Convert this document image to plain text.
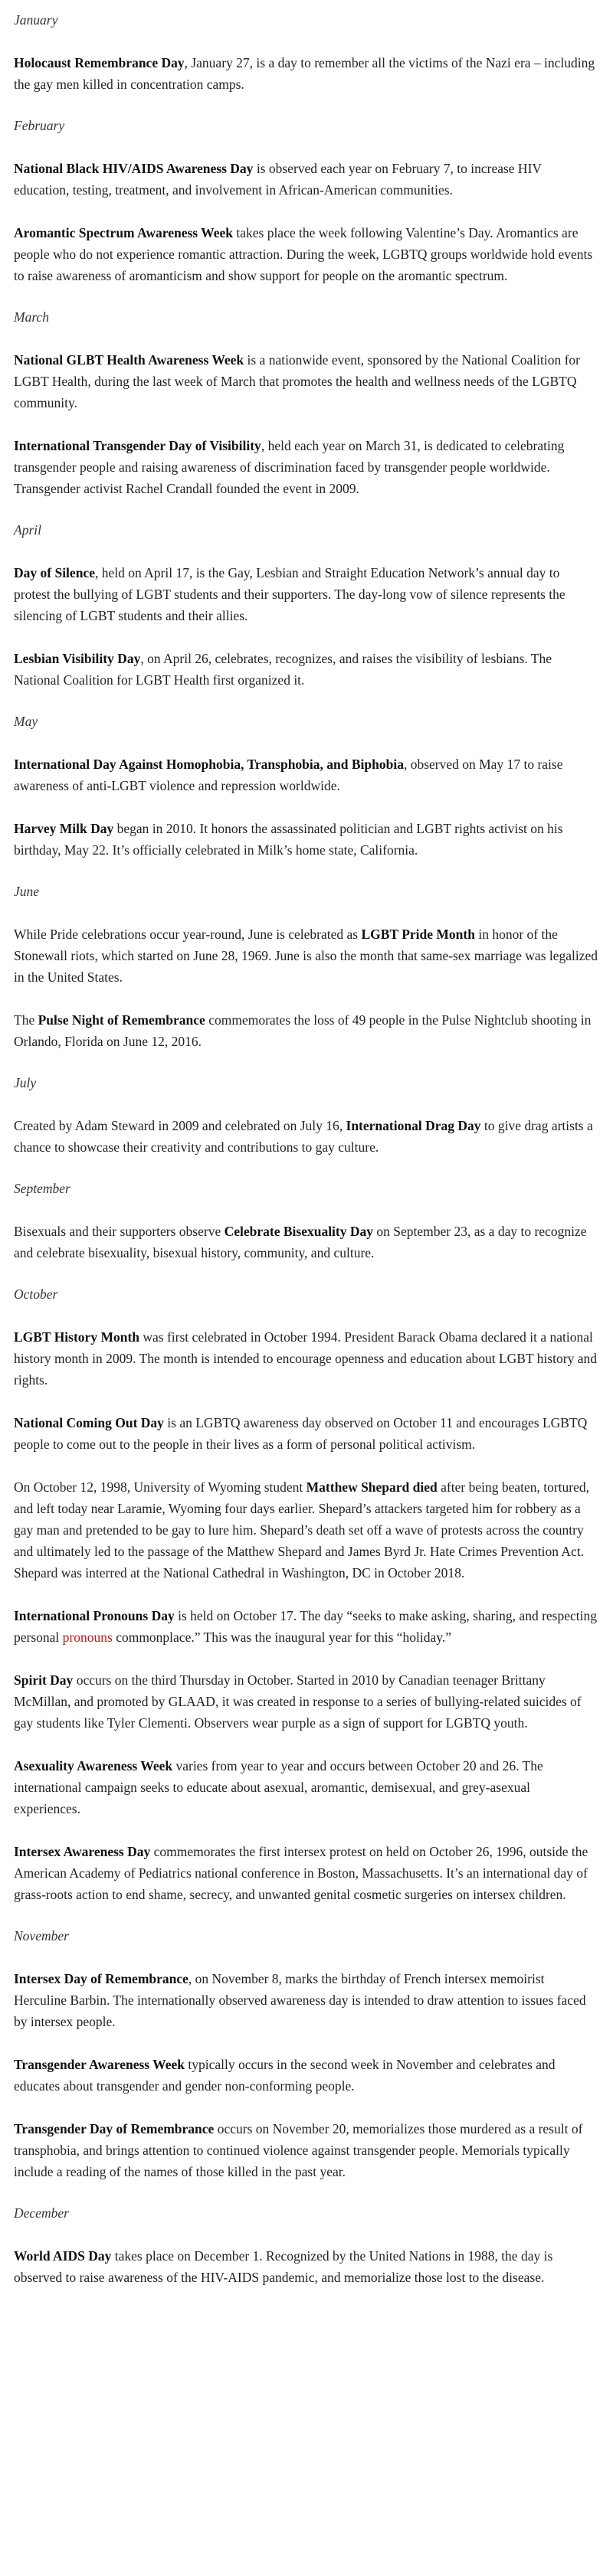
January

Holocaust Remembrance Day, January 27, is a day to remember all the victims of the Nazi era – including the gay men killed in concentration camps.

February

National Black HIV/AIDS Awareness Day is observed each year on February 7, to increase HIV education, testing, treatment, and involvement in African-American communities.

Aromantic Spectrum Awareness Week takes place the week following Valentine’s Day. Aromantics are people who do not experience romantic attraction. During the week, LGBTQ groups worldwide hold events to raise awareness of aromanticism and show support for people on the aromantic spectrum.

March

National GLBT Health Awareness Week is a nationwide event, sponsored by the National Coalition for LGBT Health, during the last week of March that promotes the health and wellness needs of the LGBTQ community.

International Transgender Day of Visibility, held each year on March 31, is dedicated to celebrating transgender people and raising awareness of discrimination faced by transgender people worldwide. Transgender activist Rachel Crandall founded the event in 2009.

April

Day of Silence, held on April 17, is the Gay, Lesbian and Straight Education Network’s annual day to protest the bullying of LGBT students and their supporters. The day-long vow of silence represents the silencing of LGBT students and their allies.

Lesbian Visibility Day, on April 26, celebrates, recognizes, and raises the visibility of lesbians. The National Coalition for LGBT Health first organized it.

May

International Day Against Homophobia, Transphobia, and Biphobia, observed on May 17 to raise awareness of anti-LGBT violence and repression worldwide.

Harvey Milk Day began in 2010. It honors the assassinated politician and LGBT rights activist on his birthday, May 22. It’s officially celebrated in Milk’s home state, California.

June

While Pride celebrations occur year-round, June is celebrated as LGBT Pride Month in honor of the Stonewall riots, which started on June 28, 1969. June is also the month that same-sex marriage was legalized in the United States.

The Pulse Night of Remembrance commemorates the loss of 49 people in the Pulse Nightclub shooting in Orlando, Florida on June 12, 2016.

July

Created by Adam Steward in 2009 and celebrated on July 16, International Drag Day to give drag artists a chance to showcase their creativity and contributions to gay culture.

September

Bisexuals and their supporters observe Celebrate Bisexuality Day on September 23, as a day to recognize and celebrate bisexuality, bisexual history, community, and culture.

October

LGBT History Month was first celebrated in October 1994. President Barack Obama declared it a national history month in 2009. The month is intended to encourage openness and education about LGBT history and rights.

National Coming Out Day is an LGBTQ awareness day observed on October 11 and encourages LGBTQ people to come out to the people in their lives as a form of personal political activism.

On October 12, 1998, University of Wyoming student Matthew Shepard died after being beaten, tortured, and left today near Laramie, Wyoming four days earlier. Shepard’s attackers targeted him for robbery as a gay man and pretended to be gay to lure him. Shepard’s death set off a wave of protests across the country and ultimately led to the passage of the Matthew Shepard and James Byrd Jr. Hate Crimes Prevention Act. Shepard was interred at the National Cathedral in Washington, DC in October 2018.

International Pronouns Day is held on October 17. The day “seeks to make asking, sharing, and respecting personal pronouns commonplace.” This was the inaugural year for this “holiday.”

Spirit Day occurs on the third Thursday in October. Started in 2010 by Canadian teenager Brittany McMillan, and promoted by GLAAD, it was created in response to a series of bullying-related suicides of gay students like Tyler Clementi. Observers wear purple as a sign of support for LGBTQ youth.

Asexuality Awareness Week varies from year to year and occurs between October 20 and 26. The international campaign seeks to educate about asexual, aromantic, demisexual, and grey-asexual experiences.

Intersex Awareness Day commemorates the first intersex protest on held on October 26, 1996, outside the American Academy of Pediatrics national conference in Boston, Massachusetts. It’s an international day of grass-roots action to end shame, secrecy, and unwanted genital cosmetic surgeries on intersex children.

November

Intersex Day of Remembrance, on November 8, marks the birthday of French intersex memoirist Herculine Barbin. The internationally observed awareness day is intended to draw attention to issues faced by intersex people.

Transgender Awareness Week typically occurs in the second week in November and celebrates and educates about transgender and gender non-conforming people.

Transgender Day of Remembrance occurs on November 20, memorializes those murdered as a result of transphobia, and brings attention to continued violence against transgender people. Memorials typically include a reading of the names of those killed in the past year.

December

World AIDS Day takes place on December 1. Recognized by the United Nations in 1988, the day is observed to raise awareness of the HIV-AIDS pandemic, and memorialize those lost to the disease.
